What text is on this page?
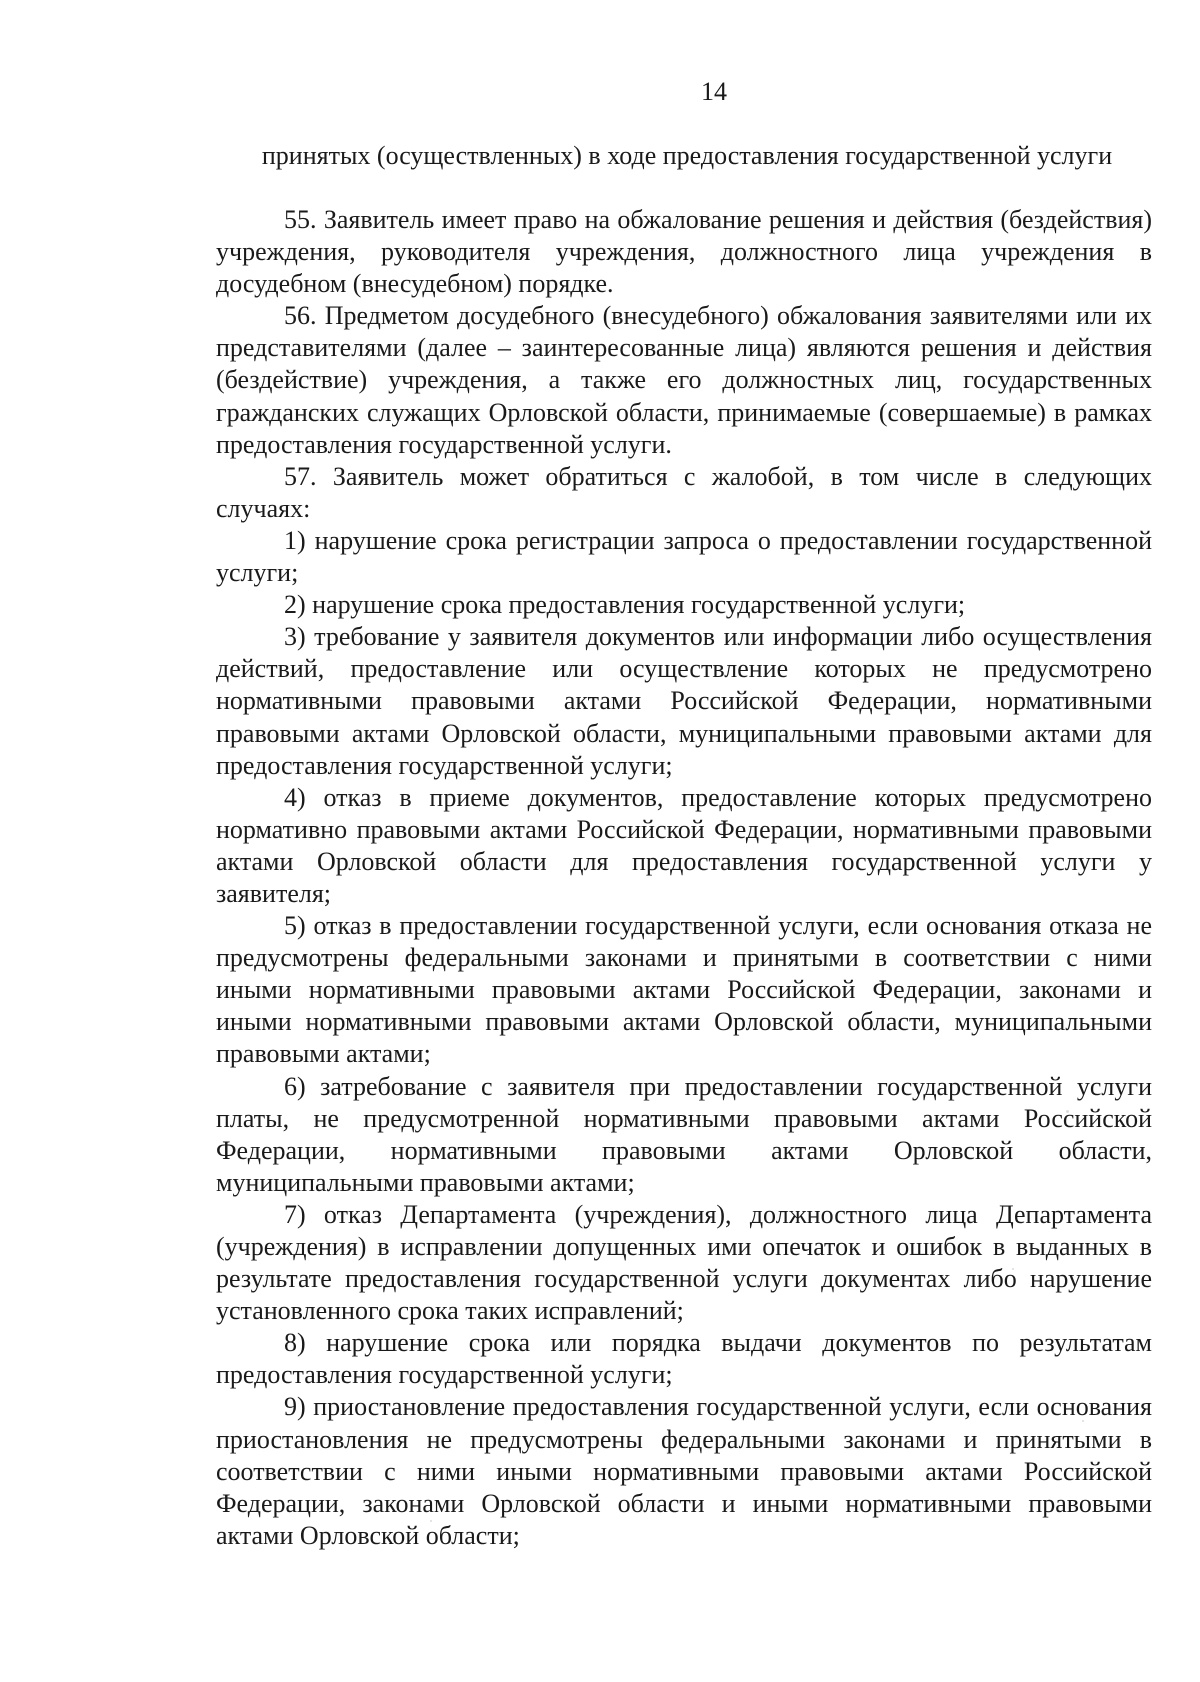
14
принятых (осуществленных) в ходе предоставления государственной услуги

55. Заявитель имеет право на обжалование решения и действия (бездействия) учреждения, руководителя учреждения, должностного лица учреждения в досудебном (внесудебном) порядке.

56. Предметом досудебного (внесудебного) обжалования заявителями или их представителями (далее – заинтересованные лица) являются решения и действия (бездействие) учреждения, а также его должностных лиц, государственных гражданских служащих Орловской области, принимаемые (совершаемые) в рамках предоставления государственной услуги.

57. Заявитель может обратиться с жалобой, в том числе в следующих случаях:

1) нарушение срока регистрации запроса о предоставлении государственной услуги;

2) нарушение срока предоставления государственной услуги;

3) требование у заявителя документов или информации либо осуществления действий, предоставление или осуществление которых не предусмотрено нормативными правовыми актами Российской Федерации, нормативными правовыми актами Орловской области, муниципальными правовыми актами для предоставления государственной услуги;

4) отказ в приеме документов, предоставление которых предусмотрено нормативно правовыми актами Российской Федерации, нормативными правовыми актами Орловской области для предоставления государственной услуги у заявителя;

5) отказ в предоставлении государственной услуги, если основания отказа не предусмотрены федеральными законами и принятыми в соответствии с ними иными нормативными правовыми актами Российской Федерации, законами и иными нормативными правовыми актами Орловской области, муниципальными правовыми актами;

6) затребование с заявителя при предоставлении государственной услуги платы, не предусмотренной нормативными правовыми актами Российской Федерации, нормативными правовыми актами Орловской области, муниципальными правовыми актами;

7) отказ Департамента (учреждения), должностного лица Департамента (учреждения) в исправлении допущенных ими опечаток и ошибок в выданных в результате предоставления государственной услуги документах либо нарушение установленного срока таких исправлений;

8) нарушение срока или порядка выдачи документов по результатам предоставления государственной услуги;

9) приостановление предоставления государственной услуги, если основания приостановления не предусмотрены федеральными законами и принятыми в соответствии с ними иными нормативными правовыми актами Российской Федерации, законами Орловской области и иными нормативными правовыми актами Орловской области;
